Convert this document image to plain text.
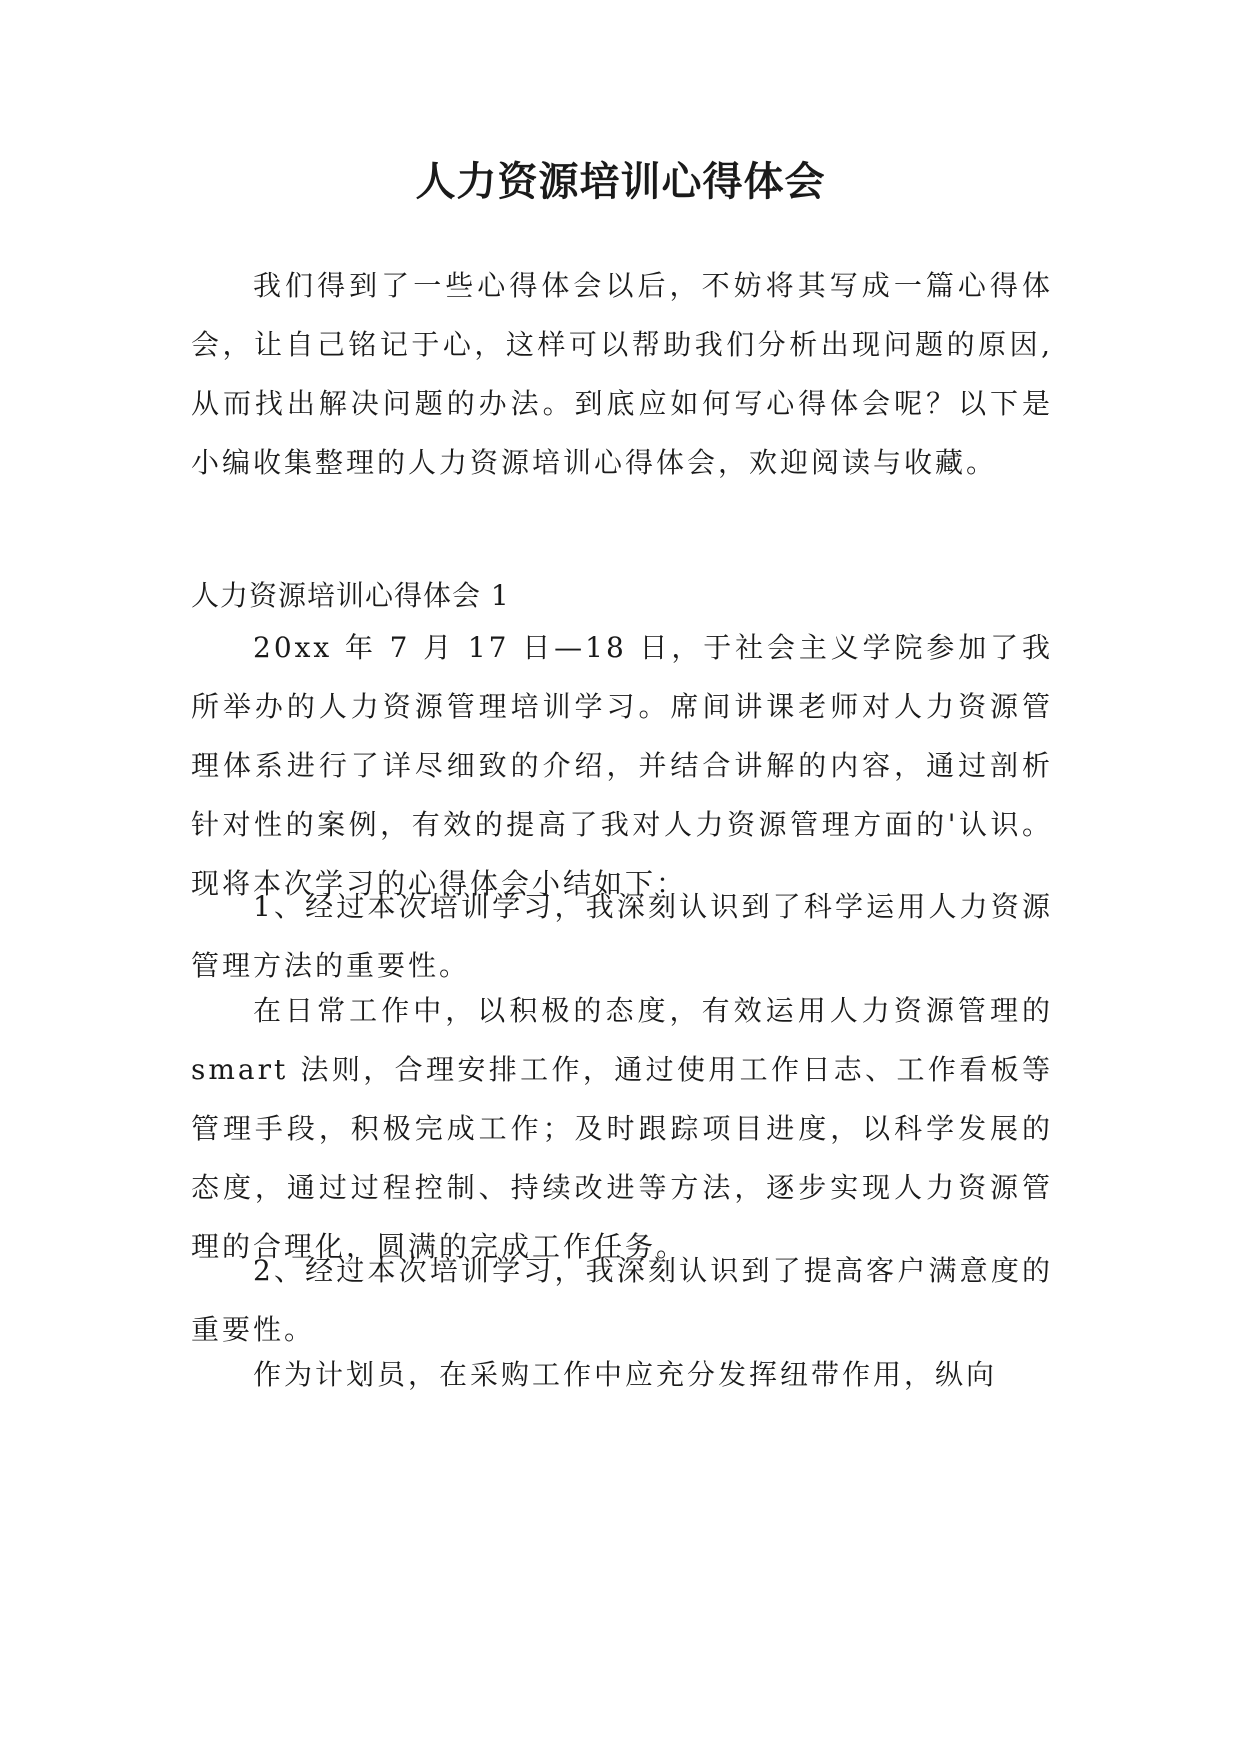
人力资源培训心得体会

我们得到了一些心得体会以后，不妨将其写成一篇心得体会，让自己铭记于心，这样可以帮助我们分析出现问题的原因,从而找出解决问题的办法。到底应如何写心得体会呢？以下是小编收集整理的人力资源培训心得体会，欢迎阅读与收藏。

人力资源培训心得体会 1

20xx 年 7 月 17 日—18 日，于社会主义学院参加了我所举办的人力资源管理培训学习。席间讲课老师对人力资源管理体系进行了详尽细致的介绍，并结合讲解的内容，通过剖析针对性的案例，有效的提高了我对人力资源管理方面的'认识。现将本次学习的心得体会小结如下：

1、经过本次培训学习，我深刻认识到了科学运用人力资源管理方法的重要性。

在日常工作中，以积极的态度，有效运用人力资源管理的 smart 法则，合理安排工作，通过使用工作日志、工作看板等管理手段，积极完成工作；及时跟踪项目进度，以科学发展的态度，通过过程控制、持续改进等方法，逐步实现人力资源管理的合理化，圆满的完成工作任务。

2、经过本次培训学习，我深刻认识到了提高客户满意度的重要性。

作为计划员，在采购工作中应充分发挥纽带作用，纵向
